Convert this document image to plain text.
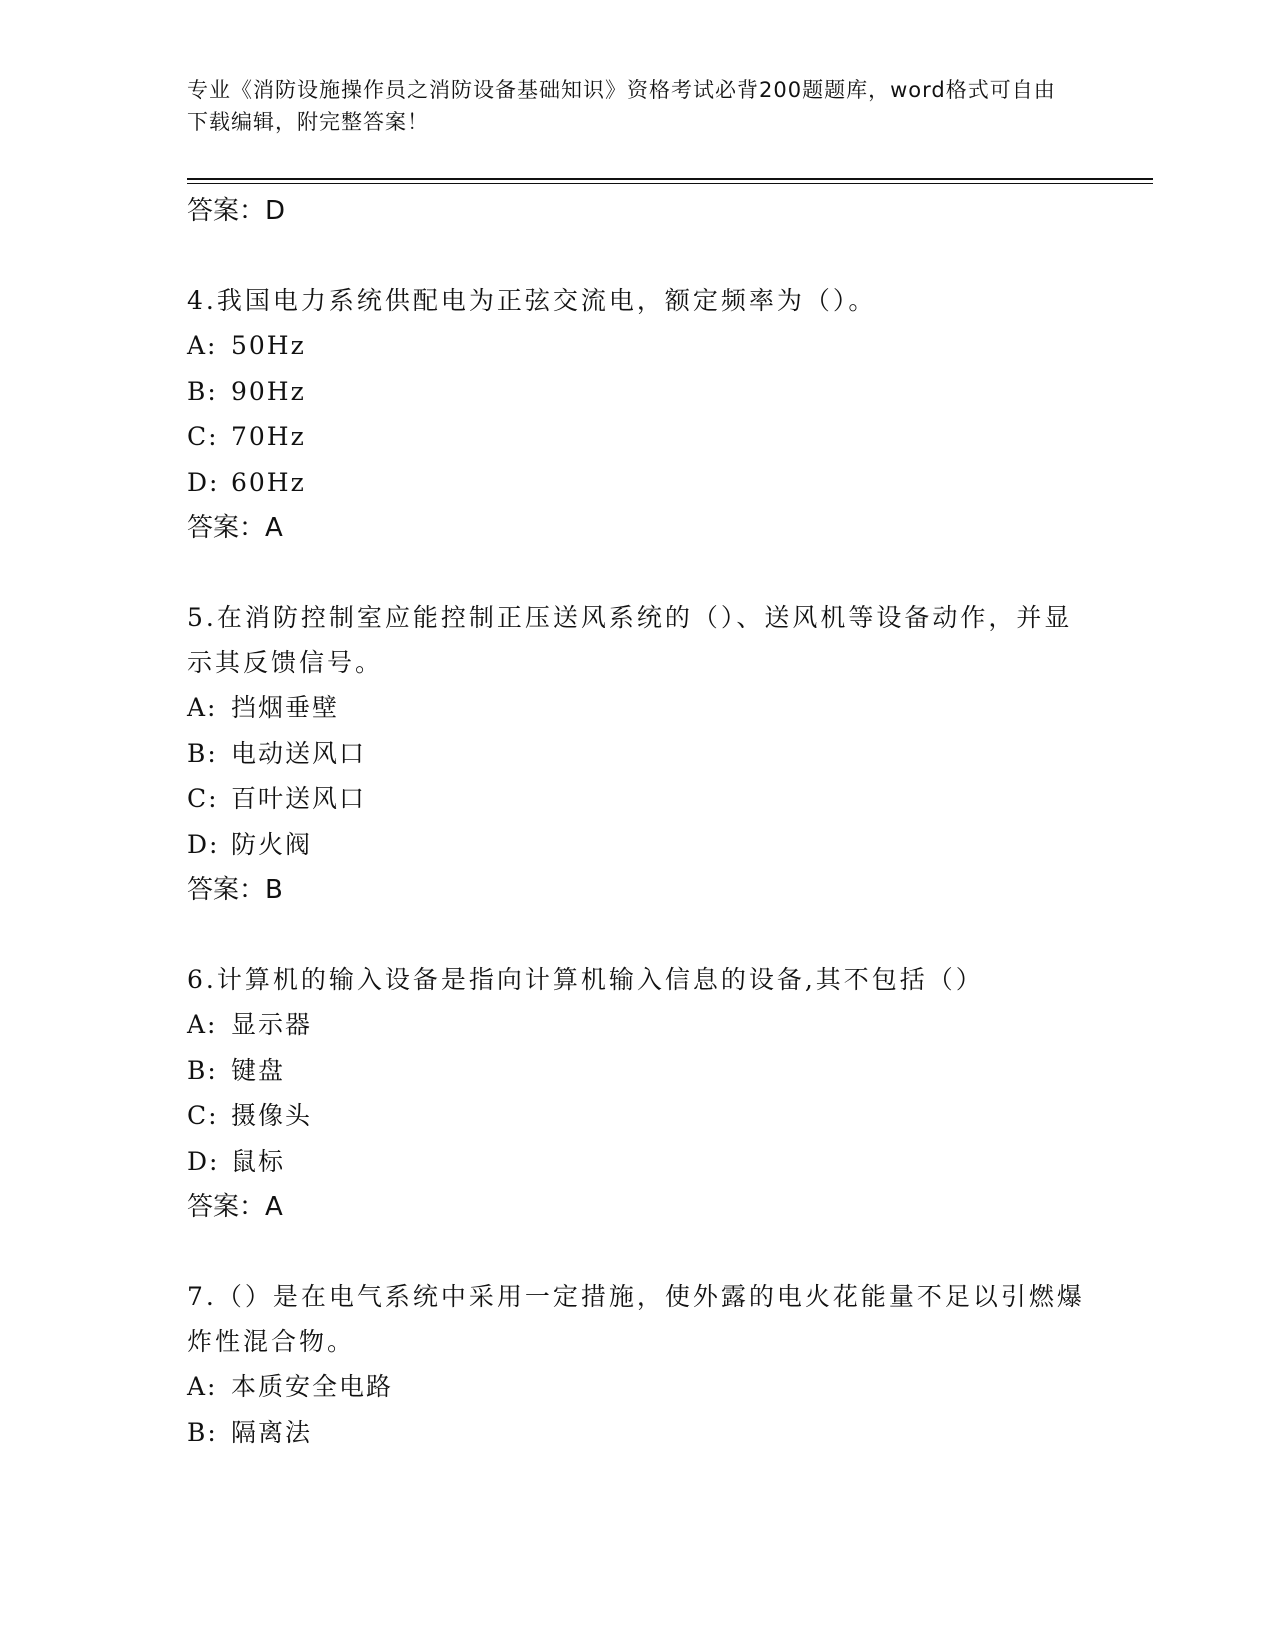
专业《消防设施操作员之消防设备基础知识》资格考试必背200题题库，word格式可自由下载编辑，附完整答案！

答案：D

4.我国电力系统供配电为正弦交流电，额定频率为（）。

A: 50Hz

B: 90Hz

C: 70Hz

D: 60Hz

答案：A

5.在消防控制室应能控制正压送风系统的（）、送风机等设备动作，并显示其反馈信号。

A: 挡烟垂壁

B: 电动送风口

C: 百叶送风口

D: 防火阀

答案：B

6.计算机的输入设备是指向计算机输入信息的设备,其不包括（）

A: 显示器

B: 键盘

C: 摄像头

D: 鼠标

答案：A

7.（）是在电气系统中采用一定措施，使外露的电火花能量不足以引燃爆炸性混合物。

A: 本质安全电路

B: 隔离法
